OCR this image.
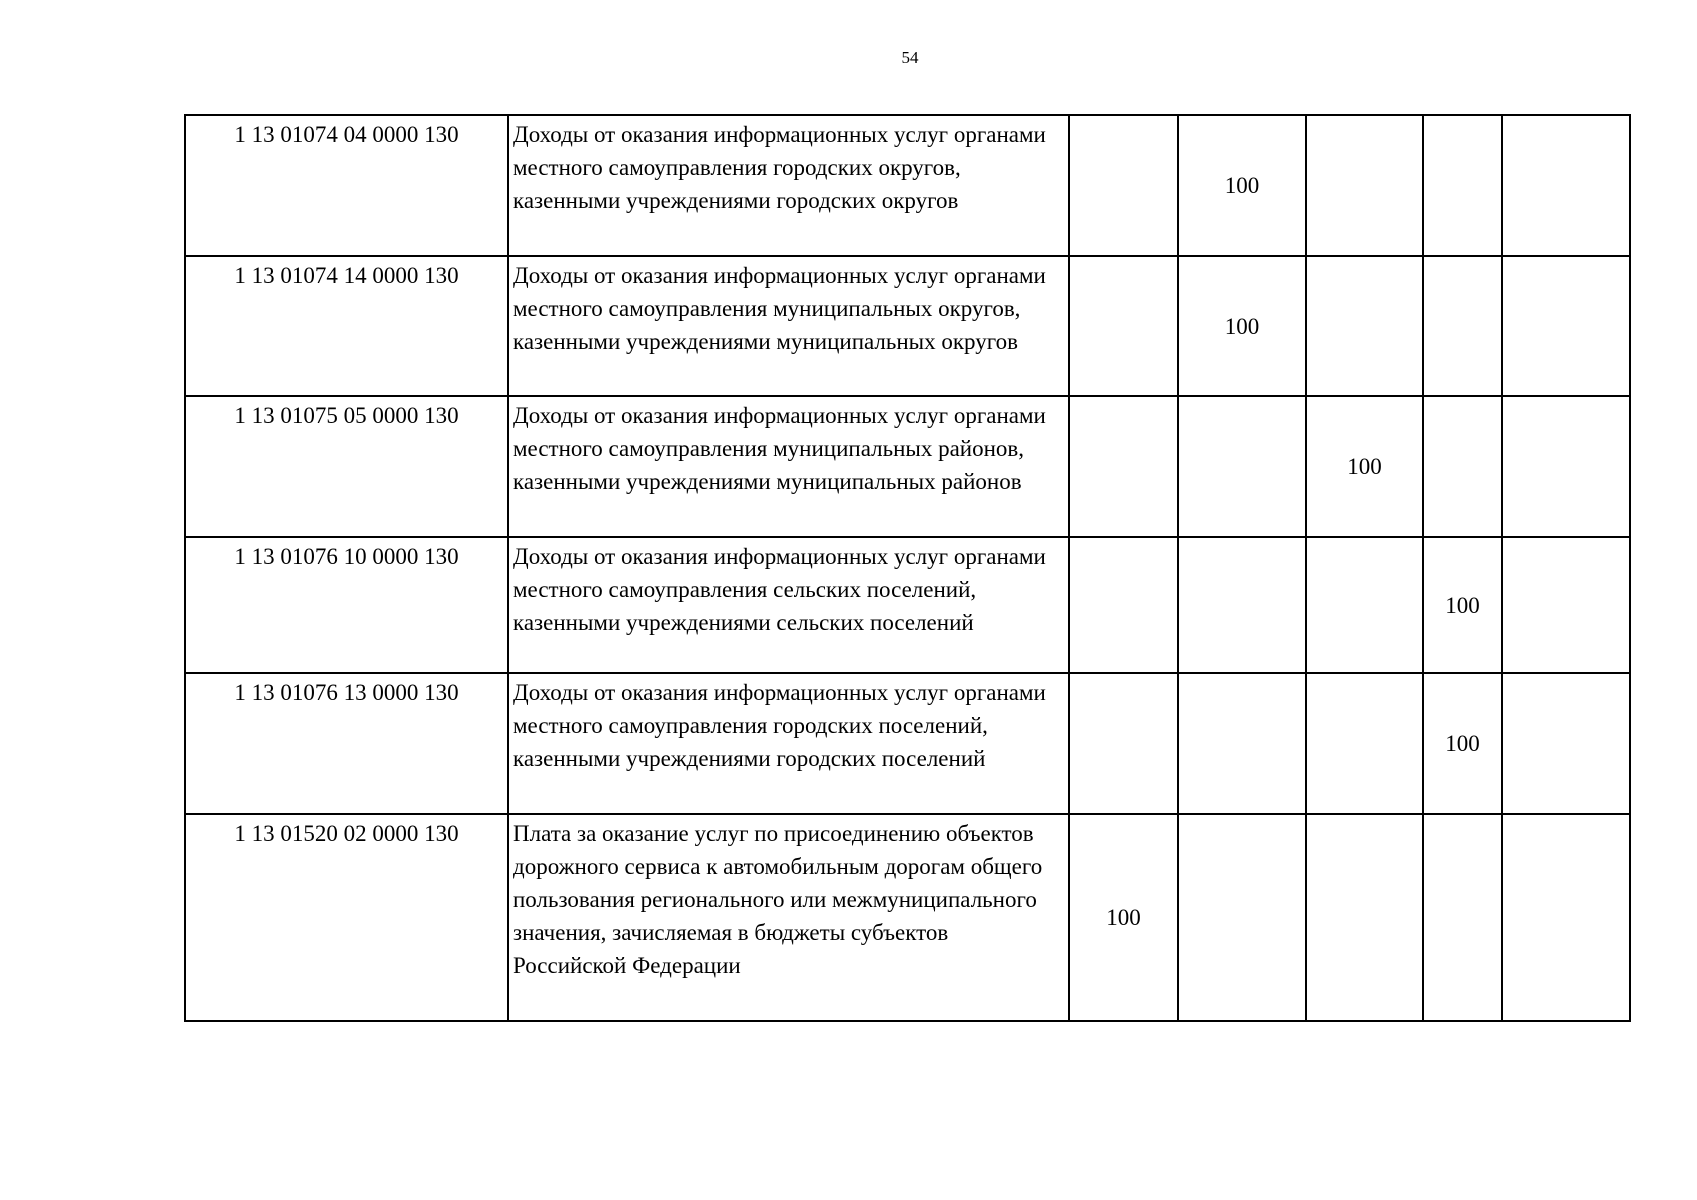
54
1 13 01074 04 0000 130	Доходы от оказания информационных услуг органами местного самоуправления городских округов, казенными учреждениями городских округов		100			
1 13 01074 14 0000 130	Доходы от оказания информационных услуг органами местного самоуправления муниципальных округов, казенными учреждениями муниципальных округов		100			
1 13 01075 05 0000 130	Доходы от оказания информационных услуг органами местного самоуправления муниципальных районов, казенными учреждениями муниципальных районов			100		
1 13 01076 10 0000 130	Доходы от оказания информационных услуг органами местного самоуправления сельских поселений, казенными учреждениями сельских поселений				100	
1 13 01076 13 0000 130	Доходы от оказания информационных услуг органами местного самоуправления городских поселений, казенными учреждениями городских поселений				100	
1 13 01520 02 0000 130	Плата за оказание услуг по присоединению объектов дорожного сервиса к автомобильным дорогам общего пользования регионального или межмуниципального значения, зачисляемая в бюджеты субъектов Российской Федерации	100				
